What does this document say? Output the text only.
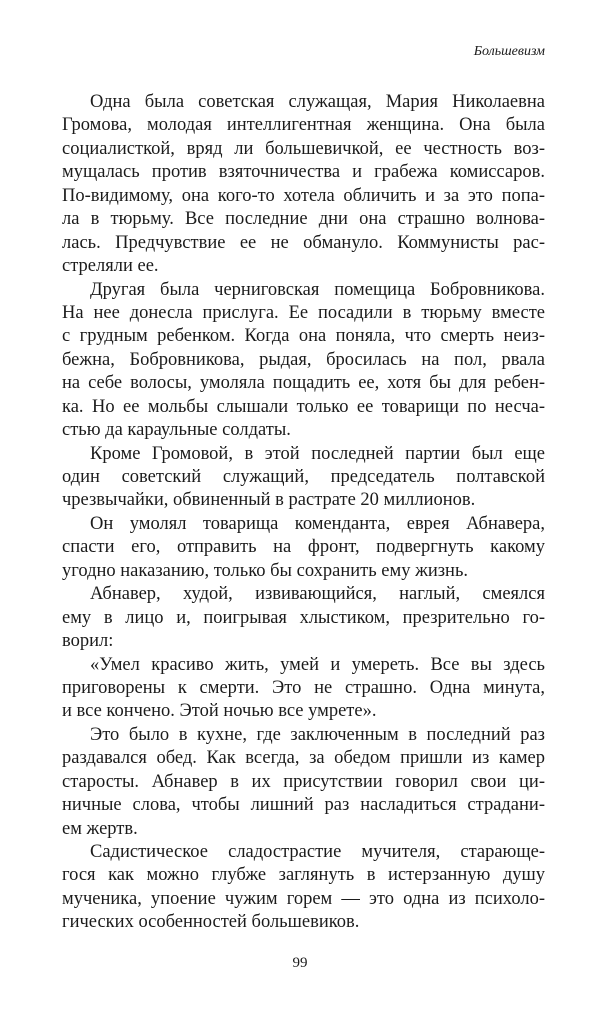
Большевизм
Одна была советская служащая, Мария Николаевна
Громова, молодая интеллигентная женщина. Она была
социалисткой, вряд ли большевичкой, ее честность воз-
мущалась против взяточничества и грабежа комиссаров.
По-видимому, она кого-то хотела обличить и за это попа-
ла в тюрьму. Все последние дни она страшно волнова-
лась. Предчувствие ее не обмануло. Коммунисты рас-
стреляли ее.
Другая была черниговская помещица Бобровникова.
На нее донесла прислуга. Ее посадили в тюрьму вместе
с грудным ребенком. Когда она поняла, что смерть неиз-
бежна, Бобровникова, рыдая, бросилась на пол, рвала
на себе волосы, умоляла пощадить ее, хотя бы для ребен-
ка. Но ее мольбы слышали только ее товарищи по несча-
стью да караульные солдаты.
Кроме Громовой, в этой последней партии был еще
один советский служащий, председатель полтавской
чрезвычайки, обвиненный в растрате 20 миллионов.
Он умолял товарища коменданта, еврея Абнавера,
спасти его, отправить на фронт, подвергнуть какому
угодно наказанию, только бы сохранить ему жизнь.
Абнавер, худой, извивающийся, наглый, смеялся
ему в лицо и, поигрывая хлыстиком, презрительно го-
ворил:
«Умел красиво жить, умей и умереть. Все вы здесь
приговорены к смерти. Это не страшно. Одна минута,
и все кончено. Этой ночью все умрете».
Это было в кухне, где заключенным в последний раз
раздавался обед. Как всегда, за обедом пришли из камер
старосты. Абнавер в их присутствии говорил свои ци-
ничные слова, чтобы лишний раз насладиться страдани-
ем жертв.
Садистическое сладострастие мучителя, старающе-
гося как можно глубже заглянуть в истерзанную душу
мученика, упоение чужим горем — это одна из психоло-
гических особенностей большевиков.
99
